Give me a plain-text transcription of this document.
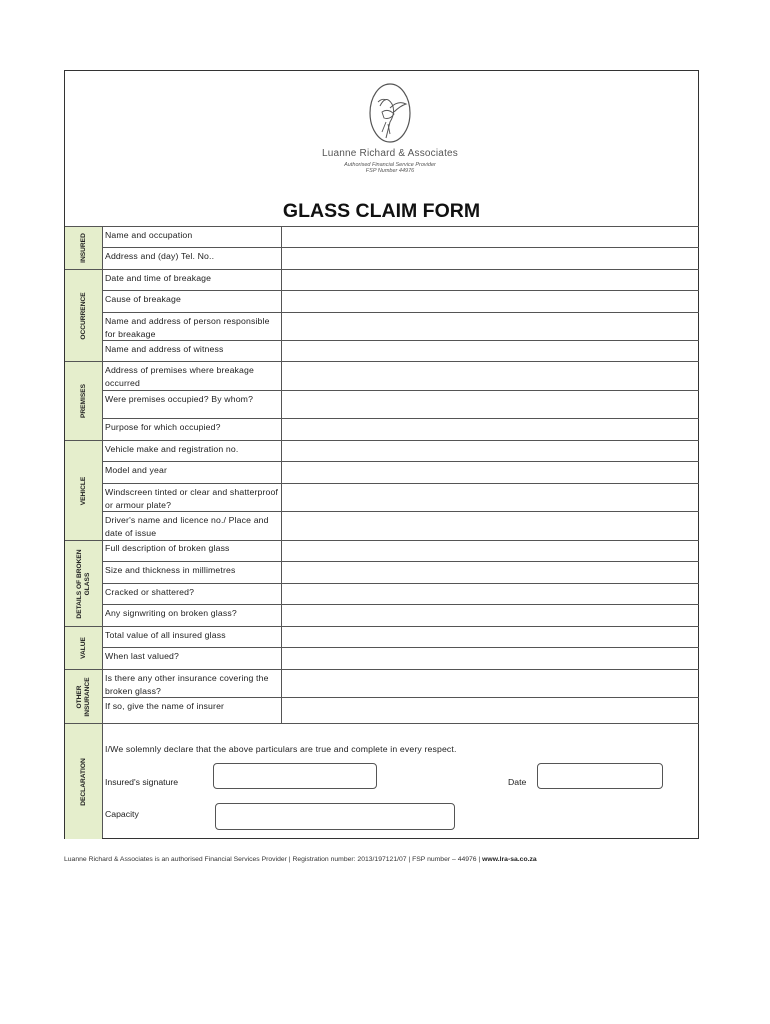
Luanne Richard & Associates
Authorised Financial Service Provider
FSP Number 44976
GLASS CLAIM FORM
INSURED
OCCURRENCE
PREMISES
VEHICLE
DETAILS OF BROKEN GLASS
VALUE
OTHER INSURANCE
DECLARATION
Name and occupation
Address and (day) Tel. No..
Date and time of breakage
Cause of breakage
Name and address of person responsible for breakage
Name and address of witness
Address of premises where breakage occurred
Were premises occupied? By whom?
Purpose for which occupied?
Vehicle make and registration no.
Model and year
Windscreen tinted or clear and shatterproof or armour plate?
Driver's name and licence no./ Place and date of issue
Full description of broken glass
Size and thickness in millimetres
Cracked or shattered?
Any signwriting on broken glass?
Total value of all insured glass
When last valued?
Is there any other insurance covering the broken glass?
If so, give the name of insurer
I/We solemnly declare that the above particulars are true and complete in every respect.
Insured's signature	Date
Capacity
Luanne Richard & Associates is an authorised Financial Services Provider | Registration number: 2013/197121/07 | FSP number – 44976 | www.lra-sa.co.za
